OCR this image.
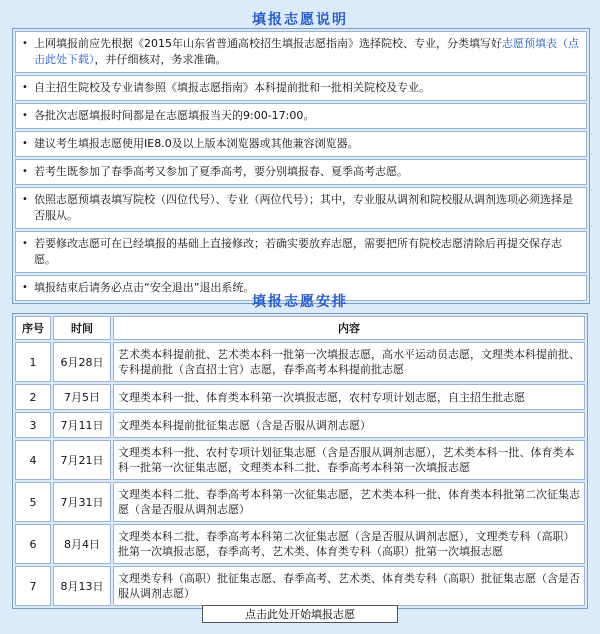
填报志愿说明
• 上网填报前应先根据《2015年山东省普通高校招生填报志愿指南》选择院校、专业，分类填写好志愿预填表（点击此处下载），并仔细核对，务求准确。
• 自主招生院校及专业请参照《填报志愿指南》本科提前批和一批相关院校及专业。
• 各批次志愿填报时间都是在志愿填报当天的9:00-17:00。
• 建议考生填报志愿使用IE8.0及以上版本浏览器或其他兼容浏览器。
• 若考生既参加了春季高考又参加了夏季高考，要分别填报春、夏季高考志愿。
• 依照志愿预填表填写院校（四位代号）、专业（两位代号）；其中，专业服从调剂和院校服从调剂选项必须选择是否服从。
• 若要修改志愿可在已经填报的基础上直接修改；若确实要放弃志愿，需要把所有院校志愿清除后再提交保存志愿。
• 填报结束后请务必点击“安全退出”退出系统。
填报志愿安排
序号	时间	内容
1	6月28日	艺术类本科提前批、艺术类本科一批第一次填报志愿，高水平运动员志愿，文理类本科提前批、专科提前批（含直招士官）志愿，春季高考本科提前批志愿
2	7月5日	文理类本科一批、体育类本科第一次填报志愿，农村专项计划志愿，自主招生批志愿
3	7月11日	文理类本科提前批征集志愿（含是否服从调剂志愿）
4	7月21日	文理类本科一批、农村专项计划征集志愿（含是否服从调剂志愿），艺术类本科一批、体育类本科一批第一次征集志愿，文理类本科二批、春季高考本科第一次填报志愿
5	7月31日	文理类本科二批、春季高考本科第一次征集志愿，艺术类本科一批、体育类本科批第二次征集志愿（含是否服从调剂志愿）
6	8月4日	文理类本科二批、春季高考本科第二次征集志愿（含是否服从调剂志愿），文理类专科（高职）批第一次填报志愿，春季高考、艺术类、体育类专科（高职）批第一次填报志愿
7	8月13日	文理类专科（高职）批征集志愿、春季高考、艺术类、体育类专科（高职）批征集志愿（含是否服从调剂志愿）
点击此处开始填报志愿
